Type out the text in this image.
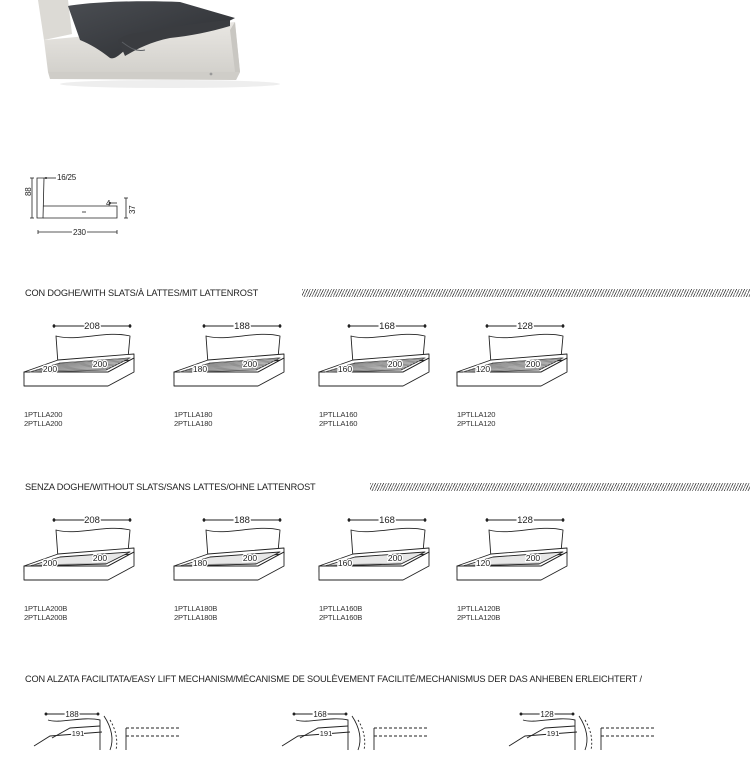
88
16/25
4
37
230
CON DOGHE/WITH SLATS/À LATTES/MIT LATTENROST
SENZA DOGHE/WITHOUT SLATS/SANS LATTES/OHNE LATTENROST
CON ALZATA FACILITATA/EASY LIFT MECHANISM/MÉCANISME DE SOULÈVEMENT FACILITÉ/MECHANISMUS DER DAS ANHEBEN ERLEICHTERT /
208
200	200
1PTLLA200
2PTLLA200
188
180	200
1PTLLA180
2PTLLA180
168
160	200
1PTLLA160
2PTLLA160
128
120	200
1PTLLA120
2PTLLA120
208
200	200
1PTLLA200B
2PTLLA200B
188
180	200
1PTLLA180B
2PTLLA180B
168
160	200
1PTLLA160B
2PTLLA160B
128
120	200
1PTLLA120B
2PTLLA120B
188
191
168
191
128
191
